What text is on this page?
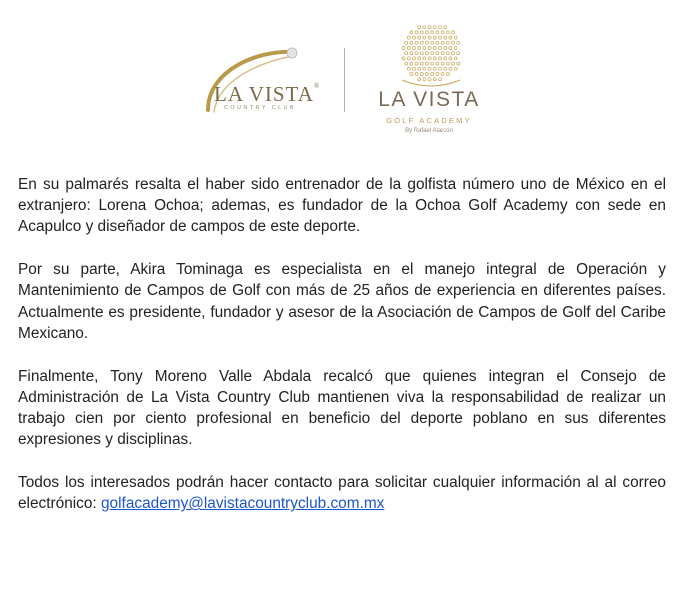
LA VISTA®
COUNTRY CLUB	LA VISTA
GOLF ACADEMY
By Rafael Alarcón

En su palmarés resalta el haber sido entrenador de la golfista número uno de México en el extranjero: Lorena Ochoa; ademas, es fundador de la Ochoa Golf Academy con sede en Acapulco y diseñador de campos de este deporte.

Por su parte, Akira Tominaga es especialista en el manejo integral de Operación y Mantenimiento de Campos de Golf con más de 25 años de experiencia en diferentes países. Actualmente es presidente, fundador y asesor de la Asociación de Campos de Golf del Caribe Mexicano.

Finalmente, Tony Moreno Valle Abdala recalcó que quienes integran el Consejo de Administración de La Vista Country Club mantienen viva la responsabilidad de realizar un trabajo cien por ciento profesional en beneficio del deporte poblano en sus diferentes expresiones y disciplinas.

Todos los interesados podrán hacer contacto para solicitar cualquier información al al correo electrónico: golfacademy@lavistacountryclub.com.mx
